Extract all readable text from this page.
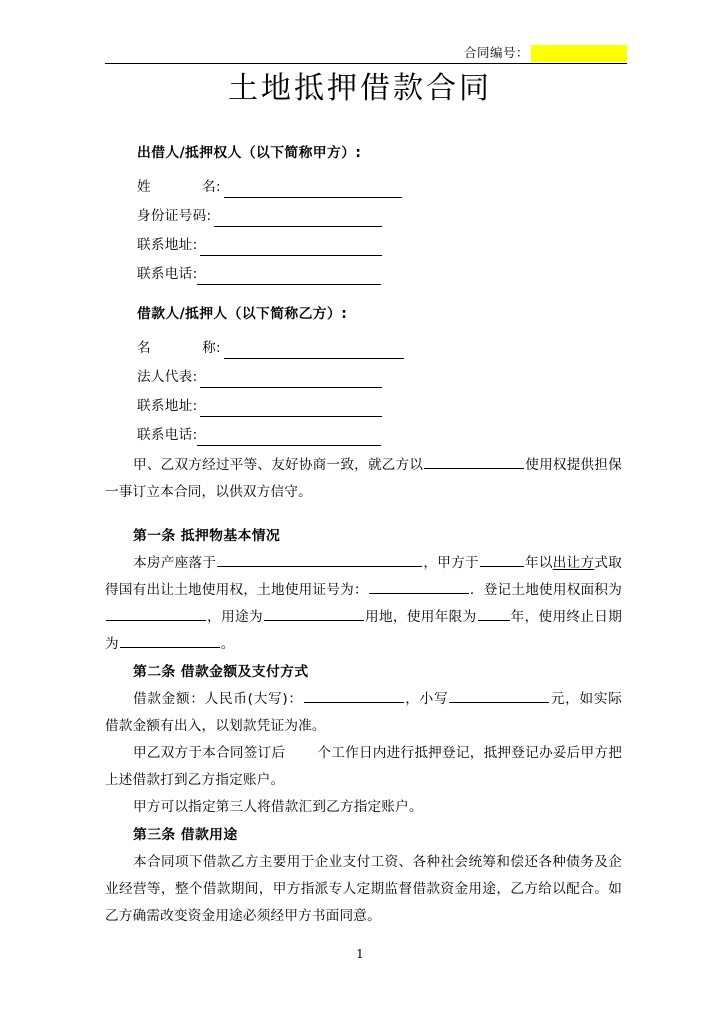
合同编号：
土地抵押借款合同
出借人/抵押权人（以下简称甲方）:
姓	名 :
身份证号码:
联系地址:
联系电话:
借款人/抵押人（以下简称乙方）:
名	称 :
法人代表:
联系地址:
联系电话:

甲、乙双方经过平等、友好协商一致，就乙方以	使用权提供担保一事订立本合同，以供双方信守。

第一条 抵押物基本情况

本房产座落于	，甲方于	年以出让方式取得国有出让土地使用权，土地使用证号为：	．登记土地使用权面积为，用途为	用地，使用年限为	年，使用终止日期为	。

第二条 借款金额及支付方式

借款金额：人民币(大写)：	，小写	元，如实际借款金额有出入，以划款凭证为准。

甲乙双方于本合同签订后 个工作日内进行抵押登记，抵押登记办妥后甲方把上述借款打到乙方指定账户。

甲方可以指定第三人将借款汇到乙方指定账户。

第三条 借款用途

本合同项下借款乙方主要用于企业支付工资、各种社会统筹和偿还各种债务及企业经营等，整个借款期间，甲方指派专人定期监督借款资金用途，乙方给以配合。如乙方确需改变资金用途必须经甲方书面同意。

1
